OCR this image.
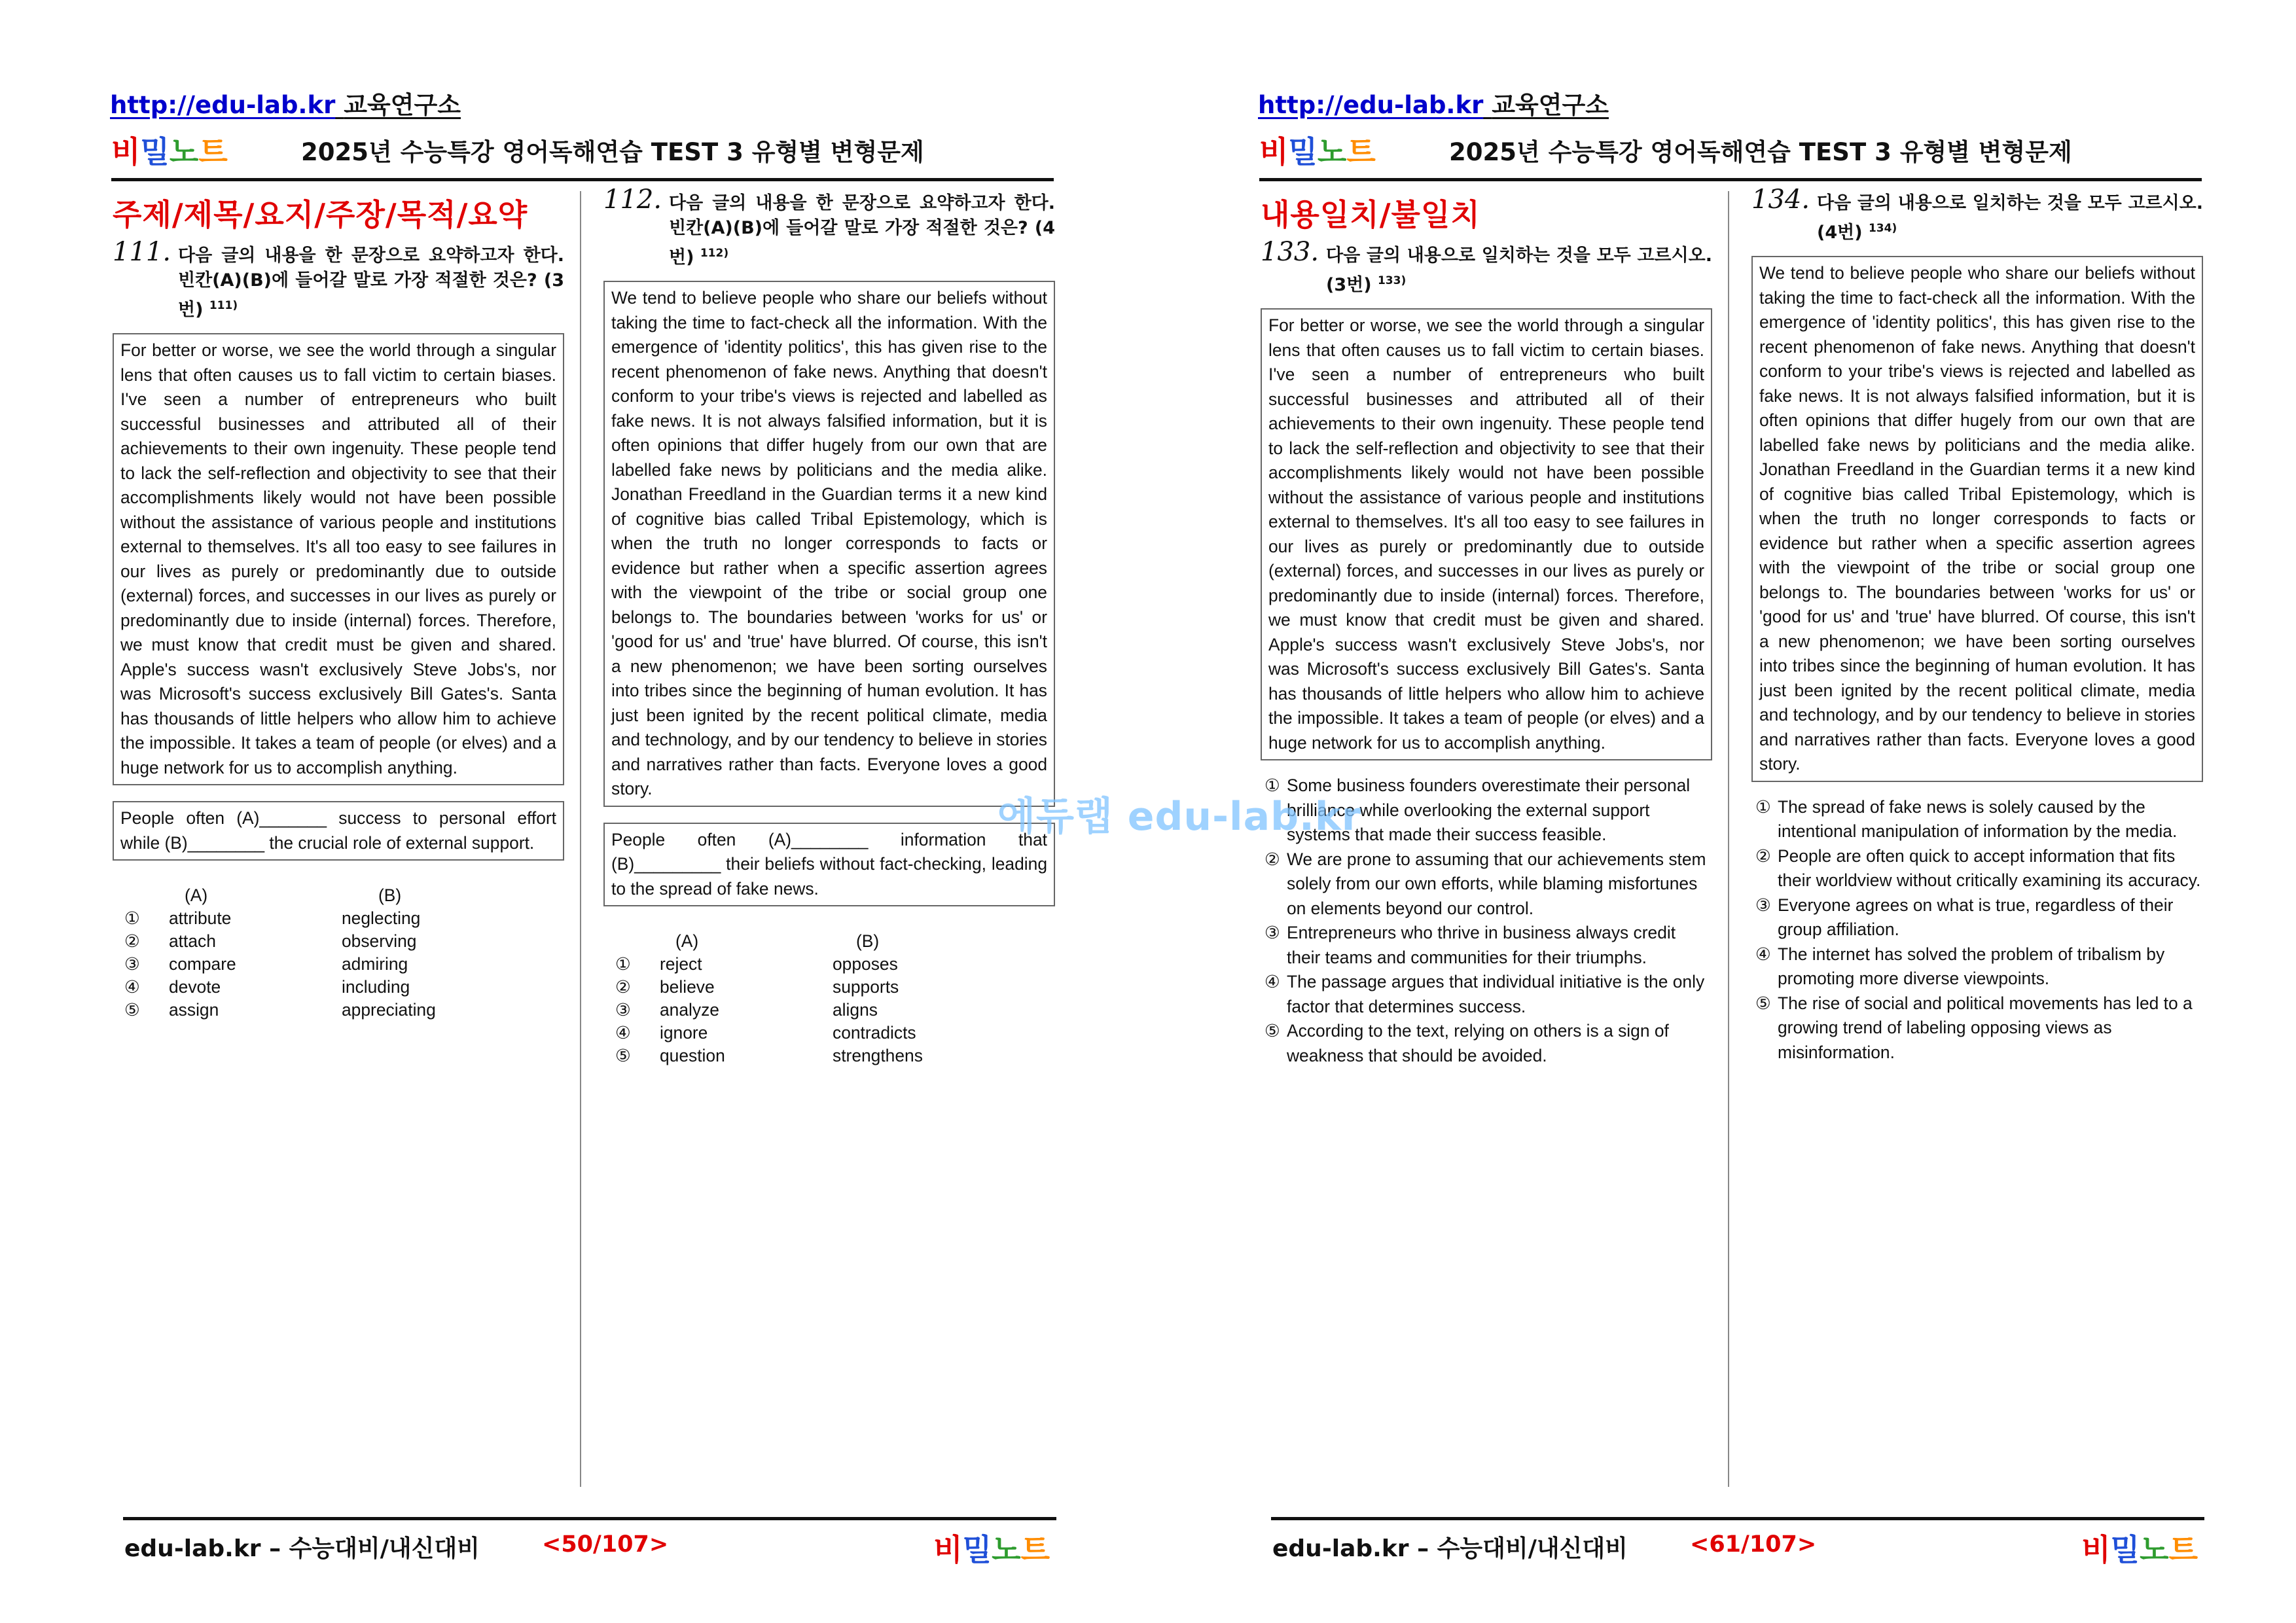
http://edu-lab.kr 교육연구소
비밀노트	2025년 수능특강 영어독해연습 TEST 3 유형별 변형문제
주제/제목/요지/주장/목적/요약
111. 다음 글의 내용을 한 문장으로 요약하고자 한다. 빈칸(A)(B)에 들어갈 말로 가장 적절한 것은? (3번) $^{111)}$
For better or worse, we see the world through a singular lens that often causes us to fall victim to certain biases. I've seen a number of entrepreneurs who built successful businesses and attributed all of their achievements to their own ingenuity. These people tend to lack the self-reflection and objectivity to see that their accomplishments likely would not have been possible without the assistance of various people and institutions external to themselves. It's all too easy to see failures in our lives as purely or predominantly due to outside (external) forces, and successes in our lives as purely or predominantly due to inside (internal) forces. Therefore, we must know that credit must be given and shared. Apple's success wasn't exclusively Steve Jobs's, nor was Microsoft's success exclusively Bill Gates's. Santa has thousands of little helpers who allow him to achieve the impossible. It takes a team of people (or elves) and a huge network for us to accomplish anything.
People often (A)_______ success to personal effort while (B)________ the crucial role of external support.
	(A)	(B)
①	attribute	neglecting
②	attach	observing
③	compare	admiring
④	devote	including
⑤	assign	appreciating
112. 다음 글의 내용을 한 문장으로 요약하고자 한다. 빈칸(A)(B)에 들어갈 말로 가장 적절한 것은? (4번) $^{112)}$
We tend to believe people who share our beliefs without taking the time to fact-check all the information. With the emergence of 'identity politics', this has given rise to the recent phenomenon of fake news. Anything that doesn't conform to your tribe's views is rejected and labelled as fake news. It is not always falsified information, but it is often opinions that differ hugely from our own that are labelled fake news by politicians and the media alike. Jonathan Freedland in the Guardian terms it a new kind of cognitive bias called Tribal Epistemology, which is when the truth no longer corresponds to facts or evidence but rather when a specific assertion agrees with the viewpoint of the tribe or social group one belongs to. The boundaries between 'works for us' or 'good for us' and 'true' have blurred. Of course, this isn't a new phenomenon; we have been sorting ourselves into tribes since the beginning of human evolution. It has just been ignited by the recent political climate, media and technology, and by our tendency to believe in stories and narratives rather than facts. Everyone loves a good story.
People often (A)________ information that (B)_________ their beliefs without fact-checking, leading to the spread of fake news.
	(A)	(B)
①	reject	opposes
②	believe	supports
③	analyze	aligns
④	ignore	contradicts
⑤	question	strengthens
edu-lab.kr – 수능대비/내신대비	<50/107>	비밀노트
http://edu-lab.kr 교육연구소
비밀노트	2025년 수능특강 영어독해연습 TEST 3 유형별 변형문제
내용일치/불일치
133. 다음 글의 내용으로 일치하는 것을 모두 고르시오. (3번) $^{133)}$
For better or worse, we see the world through a singular lens that often causes us to fall victim to certain biases. I've seen a number of entrepreneurs who built successful businesses and attributed all of their achievements to their own ingenuity. These people tend to lack the self-reflection and objectivity to see that their accomplishments likely would not have been possible without the assistance of various people and institutions external to themselves. It's all too easy to see failures in our lives as purely or predominantly due to outside (external) forces, and successes in our lives as purely or predominantly due to inside (internal) forces. Therefore, we must know that credit must be given and shared. Apple's success wasn't exclusively Steve Jobs's, nor was Microsoft's success exclusively Bill Gates's. Santa has thousands of little helpers who allow him to achieve the impossible. It takes a team of people (or elves) and a huge network for us to accomplish anything.
① Some business founders overestimate their personal brilliance while overlooking the external support systems that made their success feasible.
② We are prone to assuming that our achievements stem solely from our own efforts, while blaming misfortunes on elements beyond our control.
③ Entrepreneurs who thrive in business always credit their teams and communities for their triumphs.
④ The passage argues that individual initiative is the only factor that determines success.
⑤ According to the text, relying on others is a sign of weakness that should be avoided.
134. 다음 글의 내용으로 일치하는 것을 모두 고르시오. (4번) $^{134)}$
We tend to believe people who share our beliefs without taking the time to fact-check all the information. With the emergence of 'identity politics', this has given rise to the recent phenomenon of fake news. Anything that doesn't conform to your tribe's views is rejected and labelled as fake news. It is not always falsified information, but it is often opinions that differ hugely from our own that are labelled fake news by politicians and the media alike. Jonathan Freedland in the Guardian terms it a new kind of cognitive bias called Tribal Epistemology, which is when the truth no longer corresponds to facts or evidence but rather when a specific assertion agrees with the viewpoint of the tribe or social group one belongs to. The boundaries between 'works for us' or 'good for us' and 'true' have blurred. Of course, this isn't a new phenomenon; we have been sorting ourselves into tribes since the beginning of human evolution. It has just been ignited by the recent political climate, media and technology, and by our tendency to believe in stories and narratives rather than facts. Everyone loves a good story.
① The spread of fake news is solely caused by the intentional manipulation of information by the media.
② People are often quick to accept information that fits their worldview without critically examining its accuracy.
③ Everyone agrees on what is true, regardless of their group affiliation.
④ The internet has solved the problem of tribalism by promoting more diverse viewpoints.
⑤ The rise of social and political movements has led to a growing trend of labeling opposing views as misinformation.
edu-lab.kr – 수능대비/내신대비	<61/107>	비밀노트
에듀랩 edu-lab.kr
